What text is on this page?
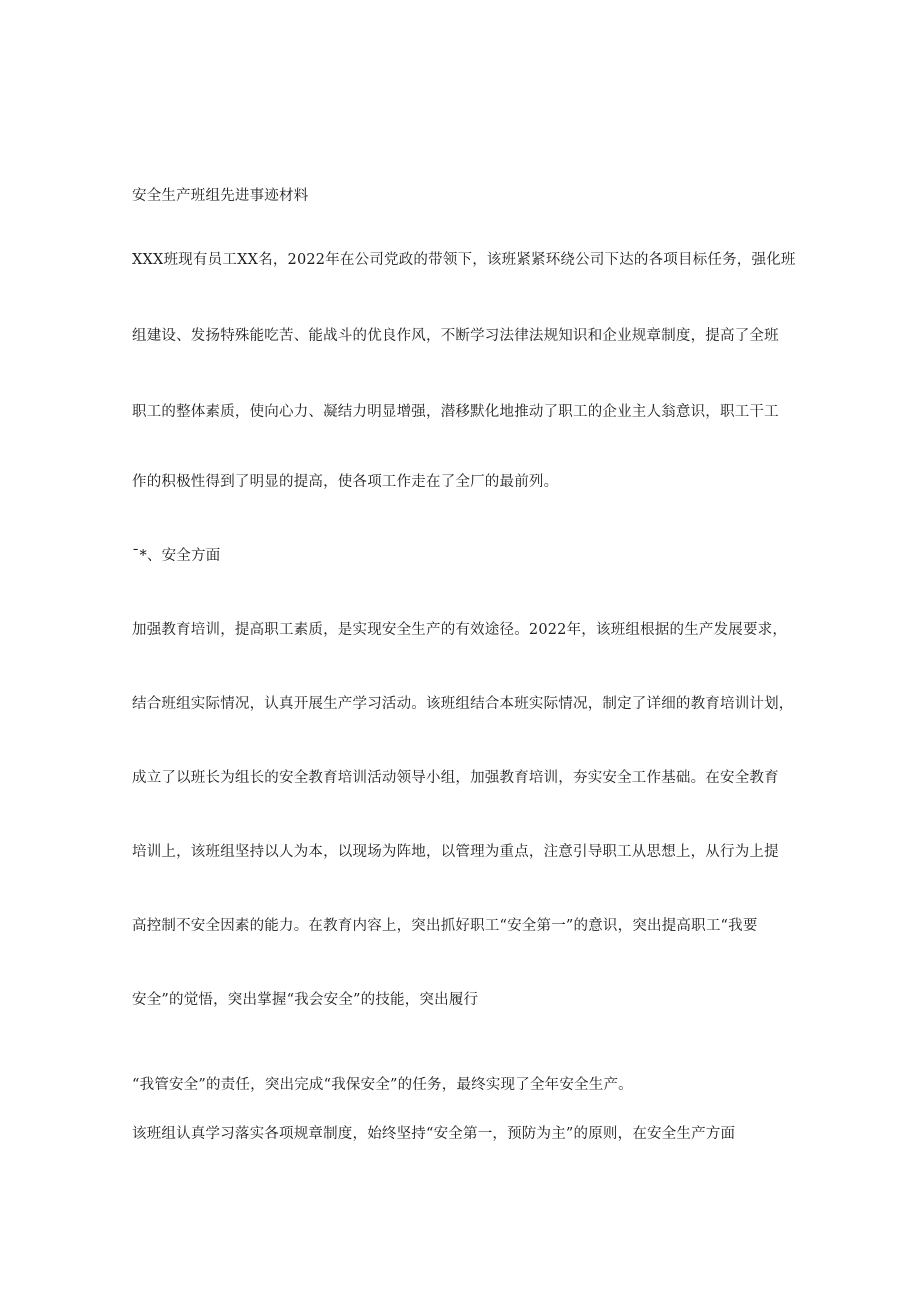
安全生产班组先进事迹材料

XXX班现有员工XX名，2022年在公司党政的带领下，该班紧紧环绕公司下达的各项目标任务，强化班

组建设、发扬特殊能吃苦、能战斗的优良作风，不断学习法律法规知识和企业规章制度，提高了全班

职工的整体素质，使向心力、凝结力明显增强，潜移默化地推动了职工的企业主人翁意识，职工干工

作的积极性得到了明显的提高，使各项工作走在了全厂的最前列。

¯*、安全方面

加强教育培训，提高职工素质，是实现安全生产的有效途径。2022年，该班组根据的生产发展要求，

结合班组实际情况，认真开展生产学习活动。该班组结合本班实际情况，制定了详细的教育培训计划，

成立了以班长为组长的安全教育培训活动领导小组，加强教育培训，夯实安全工作基础。在安全教育

培训上，该班组坚持以人为本，以现场为阵地，以管理为重点，注意引导职工从思想上，从行为上提

高控制不安全因素的能力。在教育内容上，突出抓好职工“安全第一”的意识，突出提高职工“我要

安全”的觉悟，突出掌握“我会安全”的技能，突出履行

“我管安全”的责任，突出完成“我保安全”的任务，最终实现了全年安全生产。

该班组认真学习落实各项规章制度，始终坚持“安全第一，预防为主”的原则，在安全生产方面
